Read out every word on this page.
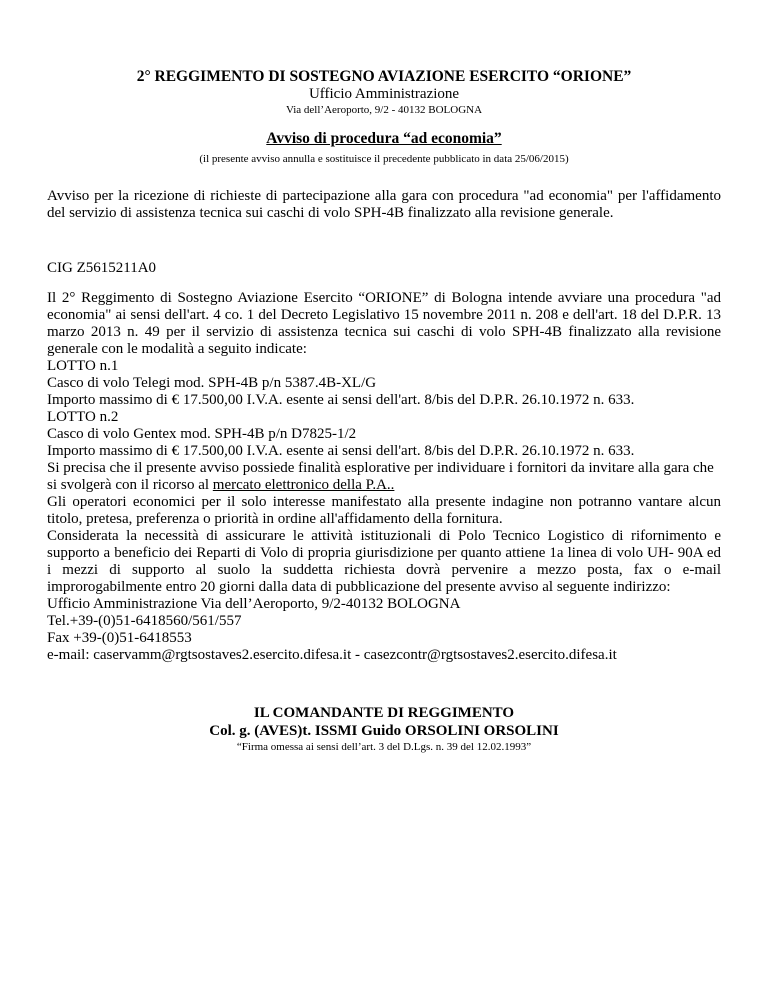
2° REGGIMENTO DI SOSTEGNO AVIAZIONE ESERCITO “ORIONE”
Ufficio Amministrazione
Via dell’Aeroporto, 9/2 - 40132 BOLOGNA
Avviso di procedura “ad economia”
(il presente avviso annulla e sostituisce il precedente pubblicato in data 25/06/2015)
Avviso per la ricezione di richieste di partecipazione alla gara con procedura "ad economia" per l'affidamento del servizio di assistenza tecnica sui caschi di volo SPH-4B finalizzato alla revisione generale.
CIG Z5615211A0

Il 2° Reggimento di Sostegno Aviazione Esercito “ORIONE” di Bologna intende avviare una procedura "ad economia" ai sensi dell'art. 4 co. 1 del Decreto Legislativo 15 novembre 2011 n. 208 e dell'art. 18 del D.P.R. 13 marzo 2013 n. 49 per il servizio di assistenza tecnica sui caschi di volo SPH-4B finalizzato alla revisione generale con le modalità a seguito indicate:

LOTTO n.1

Casco di volo Telegi mod. SPH-4B p/n 5387.4B-XL/G

Importo massimo di € 17.500,00 I.V.A. esente ai sensi dell'art. 8/bis del D.P.R. 26.10.1972 n. 633.

LOTTO n.2

Casco di volo Gentex mod. SPH-4B p/n D7825-1/2

Importo massimo di € 17.500,00 I.V.A. esente ai sensi dell'art. 8/bis del D.P.R. 26.10.1972 n. 633.

Si precisa che il presente avviso possiede finalità esplorative per individuare i fornitori da invitare alla gara che si svolgerà con il ricorso al mercato elettronico della P.A..

Gli operatori economici per il solo interesse manifestato alla presente indagine non potranno vantare alcun titolo, pretesa, preferenza o priorità in ordine all'affidamento della fornitura.

Considerata la necessità di assicurare le attività istituzionali di Polo Tecnico Logistico di rifornimento e supporto a beneficio dei Reparti di Volo di propria giurisdizione per quanto attiene 1a linea di volo UH- 90A ed i mezzi di supporto al suolo la suddetta richiesta dovrà pervenire a mezzo posta, fax o e-mail improrogabilmente entro 20 giorni dalla data di pubblicazione del presente avviso al seguente indirizzo:

Ufficio Amministrazione Via dell’Aeroporto, 9/2-40132 BOLOGNA

Tel.+39-(0)51-6418560/561/557

Fax +39-(0)51-6418553

e-mail: caservamm@rgtsostaves2.esercito.difesa.it - casezcontr@rgtsostaves2.esercito.difesa.it

IL COMANDANTE DI REGGIMENTO
Col. g. (AVES)t. ISSMI Guido ORSOLINI ORSOLINI
“Firma omessa ai sensi dell’art. 3 del D.Lgs. n. 39 del 12.02.1993”
